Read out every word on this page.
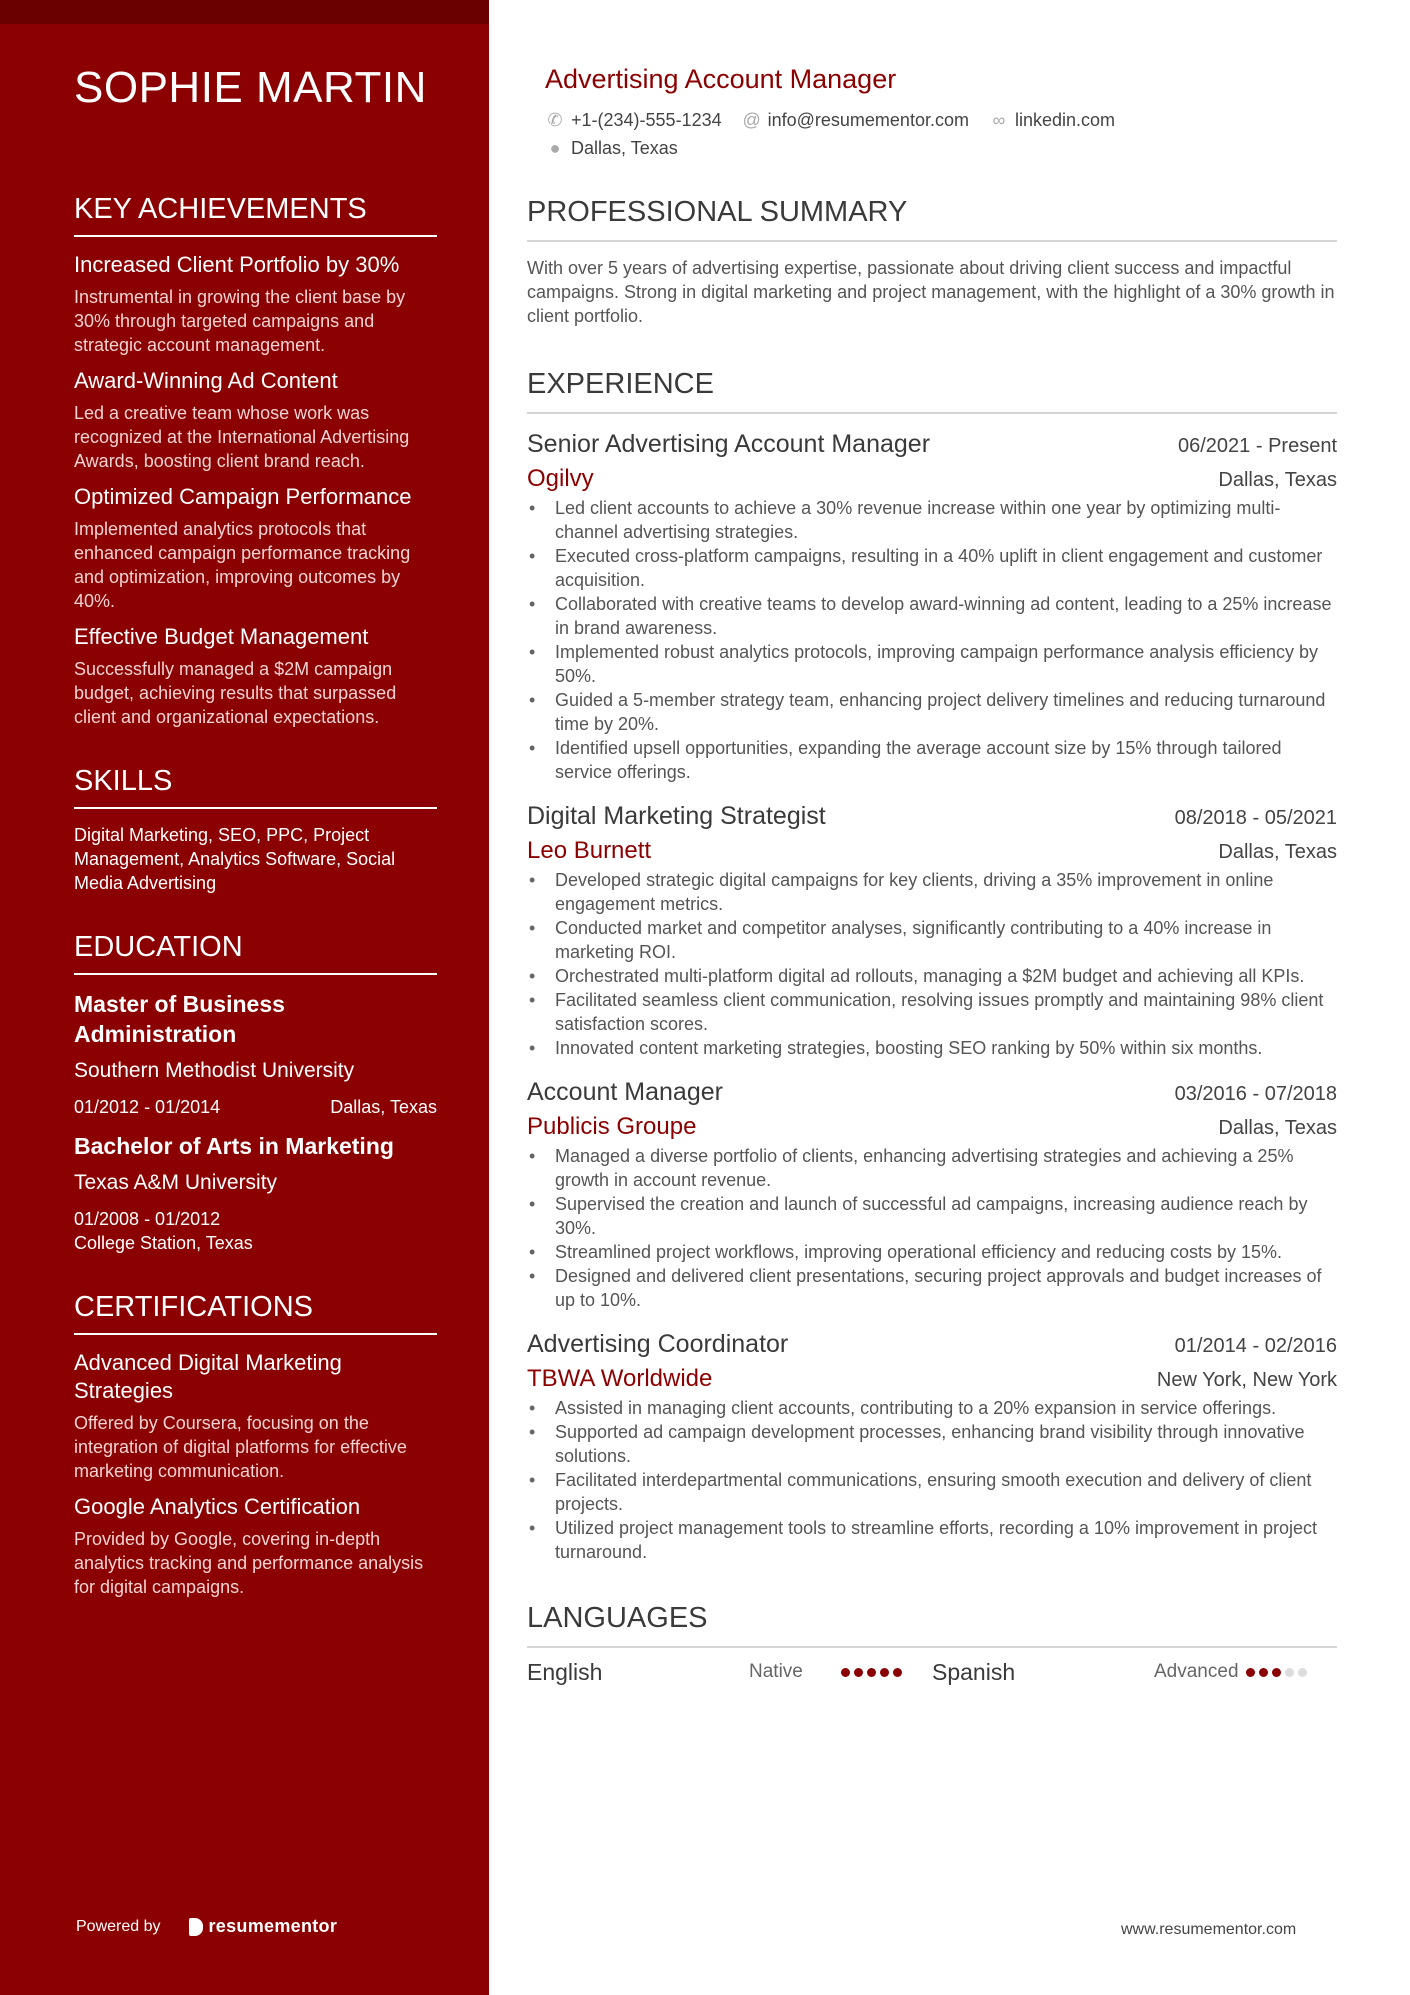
SOPHIE MARTIN
KEY ACHIEVEMENTS
Increased Client Portfolio by 30%
Instrumental in growing the client base by 30% through targeted campaigns and strategic account management.
Award-Winning Ad Content
Led a creative team whose work was recognized at the International Advertising Awards, boosting client brand reach.
Optimized Campaign Performance
Implemented analytics protocols that enhanced campaign performance tracking and optimization, improving outcomes by 40%.
Effective Budget Management
Successfully managed a $2M campaign budget, achieving results that surpassed client and organizational expectations.
SKILLS
Digital Marketing, SEO, PPC, Project Management, Analytics Software, Social Media Advertising
EDUCATION
Master of Business Administration
Southern Methodist University
01/2012 - 01/2014	Dallas, Texas
Bachelor of Arts in Marketing
Texas A&M University
01/2008 - 01/2012
College Station, Texas
CERTIFICATIONS
Advanced Digital Marketing Strategies
Offered by Coursera, focusing on the integration of digital platforms for effective marketing communication.
Google Analytics Certification
Provided by Google, covering in-depth analytics tracking and performance analysis for digital campaigns.
Powered by	resumementor
Advertising Account Manager
✆ +1-(234)-555-1234 @ info@resumementor.com ∞ linkedin.com
● Dallas, Texas
PROFESSIONAL SUMMARY
With over 5 years of advertising expertise, passionate about driving client success and impactful campaigns. Strong in digital marketing and project management, with the highlight of a 30% growth in client portfolio.
EXPERIENCE
Senior Advertising Account Manager	06/2021 - Present
Ogilvy	Dallas, Texas
• Led client accounts to achieve a 30% revenue increase within one year by optimizing multi-channel advertising strategies.
• Executed cross-platform campaigns, resulting in a 40% uplift in client engagement and customer acquisition.
• Collaborated with creative teams to develop award-winning ad content, leading to a 25% increase in brand awareness.
• Implemented robust analytics protocols, improving campaign performance analysis efficiency by 50%.
• Guided a 5-member strategy team, enhancing project delivery timelines and reducing turnaround time by 20%.
• Identified upsell opportunities, expanding the average account size by 15% through tailored service offerings.
Digital Marketing Strategist	08/2018 - 05/2021
Leo Burnett	Dallas, Texas
• Developed strategic digital campaigns for key clients, driving a 35% improvement in online engagement metrics.
• Conducted market and competitor analyses, significantly contributing to a 40% increase in marketing ROI.
• Orchestrated multi-platform digital ad rollouts, managing a $2M budget and achieving all KPIs.
• Facilitated seamless client communication, resolving issues promptly and maintaining 98% client satisfaction scores.
• Innovated content marketing strategies, boosting SEO ranking by 50% within six months.
Account Manager	03/2016 - 07/2018
Publicis Groupe	Dallas, Texas
• Managed a diverse portfolio of clients, enhancing advertising strategies and achieving a 25% growth in account revenue.
• Supervised the creation and launch of successful ad campaigns, increasing audience reach by 30%.
• Streamlined project workflows, improving operational efficiency and reducing costs by 15%.
• Designed and delivered client presentations, securing project approvals and budget increases of up to 10%.
Advertising Coordinator	01/2014 - 02/2016
TBWA Worldwide	New York, New York
• Assisted in managing client accounts, contributing to a 20% expansion in service offerings.
• Supported ad campaign development processes, enhancing brand visibility through innovative solutions.
• Facilitated interdepartmental communications, ensuring smooth execution and delivery of client projects.
• Utilized project management tools to streamline efforts, recording a 10% improvement in project turnaround.
LANGUAGES
English	Native	Spanish	Advanced
www.resumementor.com
